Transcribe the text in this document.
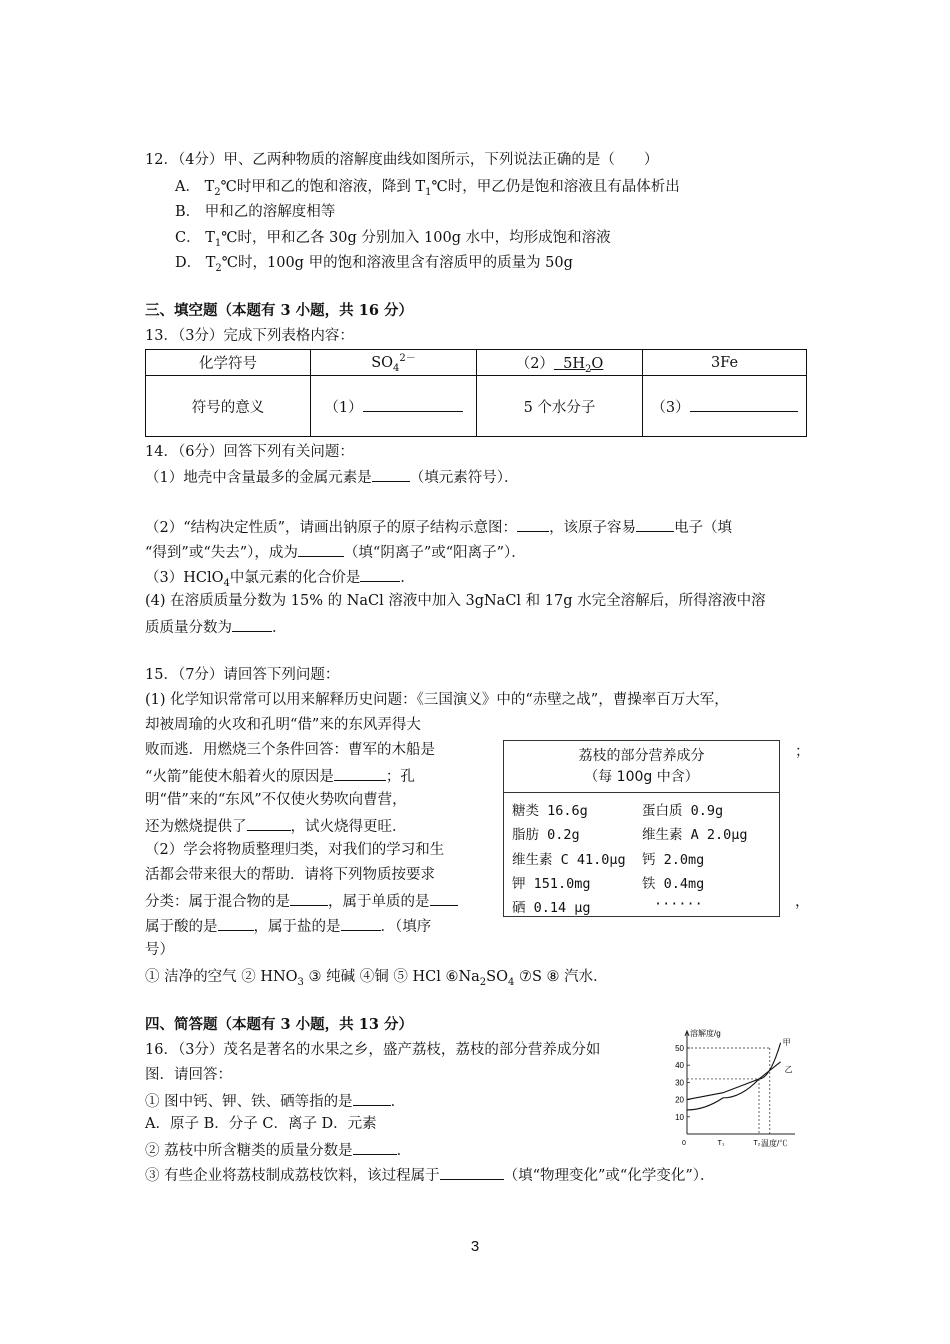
12．（4分）甲、乙两种物质的溶解度曲线如图所示，下列说法正确的是（　　）
A． $T_2℃$时甲和乙的饱和溶液，降到 $T_1℃$时，甲乙仍是饱和溶液且有晶体析出
B． 甲和乙的溶解度相等
C． $T_1℃$时，甲和乙各 30g 分别加入 100g 水中，均形成饱和溶液
D． $T_2℃$时，100g 甲的饱和溶液里含有溶质甲的质量为 50g
三、填空题（本题有 3 小题，共 16 分）
13．（3分）完成下列表格内容：
化学符号	$SO_4^{2-}$	（2） $5H_2O$	3Fe
符号的意义	（1）	5 个水分子	（3）
14．（6分）回答下列有关问题：
（1）地壳中含量最多的金属元素是	（填元素符号）．
（2）“结构决定性质”，请画出钠原子的原子结构示意图： ，该原子容易	电子（填
“得到”或“失去”），成为	（填“阴离子”或“阳离子”）．
（3）HClO$_4$中氯元素的化合价是	．
(4) 在溶质质量分数为 15% 的 NaCl 溶液中加入 3gNaCl 和 17g 水完全溶解后，所得溶液中溶
质质量分数为	．
15．（7分）请回答下列问题：
(1) 化学知识常常可以用来解释历史问题：《三国演义》中的“赤壁之战”，曹操率百万大军，
却被周瑜的火攻和孔明“借”来的东风弄得大
败而逃．用燃烧三个条件回答：曹军的木船是
“火箭”能使木船着火的原因是	；孔
明“借”来的“东风”不仅使火势吹向曹营，
还为燃烧提供了	，试火烧得更旺．
（2）学会将物质整理归类，对我们的学习和生
活都会带来很大的帮助．请将下列物质按要求
分类：属于混合物的是	，属于单质的是
属于酸的是 ，属于盐的是	．（填序
号）
① 洁净的空气 ② $HNO_3$ ③ 纯碱 ④铜 ⑤ HCl $⑥Na_2SO_4$ ⑦S ⑧ 汽水．
；
，
荔枝的部分营养成分
（每 100g 中含）
糖类 16.6g	蛋白质 0.9g
脂肪 0.2g	维生素 A 2.0μg
维生素 C 41.0μg 钙 2.0mg
钾 151.0mg	铁 0.4mg
硒 0.14 μg	······
四、简答题（本题有 3 小题，共 13 分）
16．（3分）茂名是著名的水果之乡，盛产荔枝，荔枝的部分营养成分如
图．请回答：
① 图中钙、钾、铁、硒等指的是	．
A．原子 B．分子 C．离子 D．元素
② 荔枝中所含糖类的质量分数是	．
③ 有些企业将荔枝制成荔枝饮料，该过程属于	（填“物理变化”或“化学变化”）．
溶解度/g
温度/℃
10
20
30
40
50
0	T₁	T₂
甲
乙
3
